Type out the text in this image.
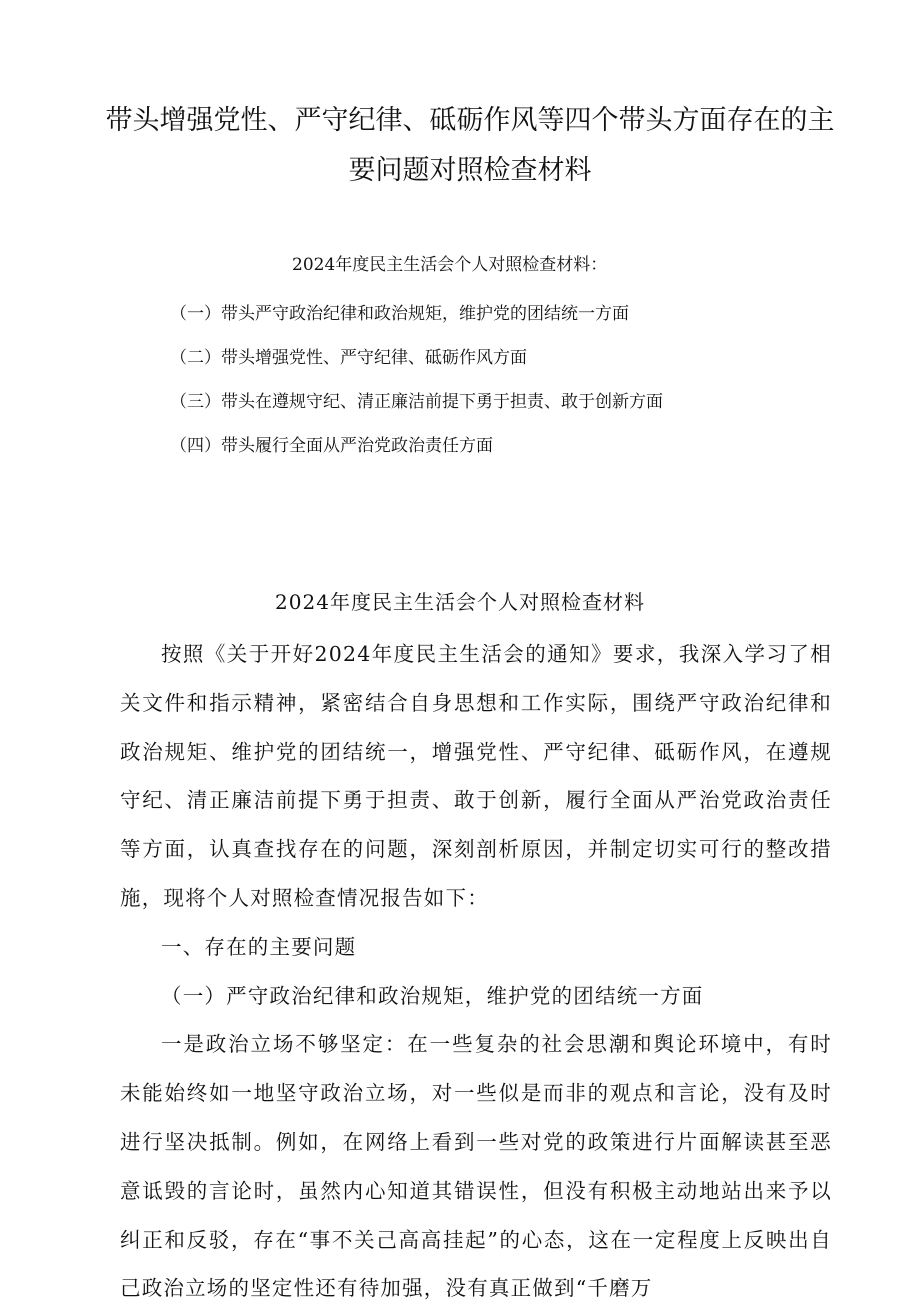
带头增强党性、严守纪律、砥砺作风等四个带头方面存在的主要问题对照检查材料
2024年度民主生活会个人对照检查材料：
（一）带头严守政治纪律和政治规矩，维护党的团结统一方面
（二）带头增强党性、严守纪律、砥砺作风方面
（三）带头在遵规守纪、清正廉洁前提下勇于担责、敢于创新方面
（四）带头履行全面从严治党政治责任方面
2024年度民主生活会个人对照检查材料

按照《关于开好2024年度民主生活会的通知》要求，我深入学习了相关文件和指示精神，紧密结合自身思想和工作实际，围绕严守政治纪律和政治规矩、维护党的团结统一，增强党性、严守纪律、砥砺作风，在遵规守纪、清正廉洁前提下勇于担责、敢于创新，履行全面从严治党政治责任等方面，认真查找存在的问题，深刻剖析原因，并制定切实可行的整改措施，现将个人对照检查情况报告如下：

一、存在的主要问题

（一）严守政治纪律和政治规矩，维护党的团结统一方面

一是政治立场不够坚定：在一些复杂的社会思潮和舆论环境中，有时未能始终如一地坚守政治立场，对一些似是而非的观点和言论，没有及时进行坚决抵制。例如，在网络上看到一些对党的政策进行片面解读甚至恶意诋毁的言论时，虽然内心知道其错误性，但没有积极主动地站出来予以纠正和反驳，存在“事不关己高高挂起”的心态，这在一定程度上反映出自己政治立场的坚定性还有待加强，没有真正做到“千磨万
